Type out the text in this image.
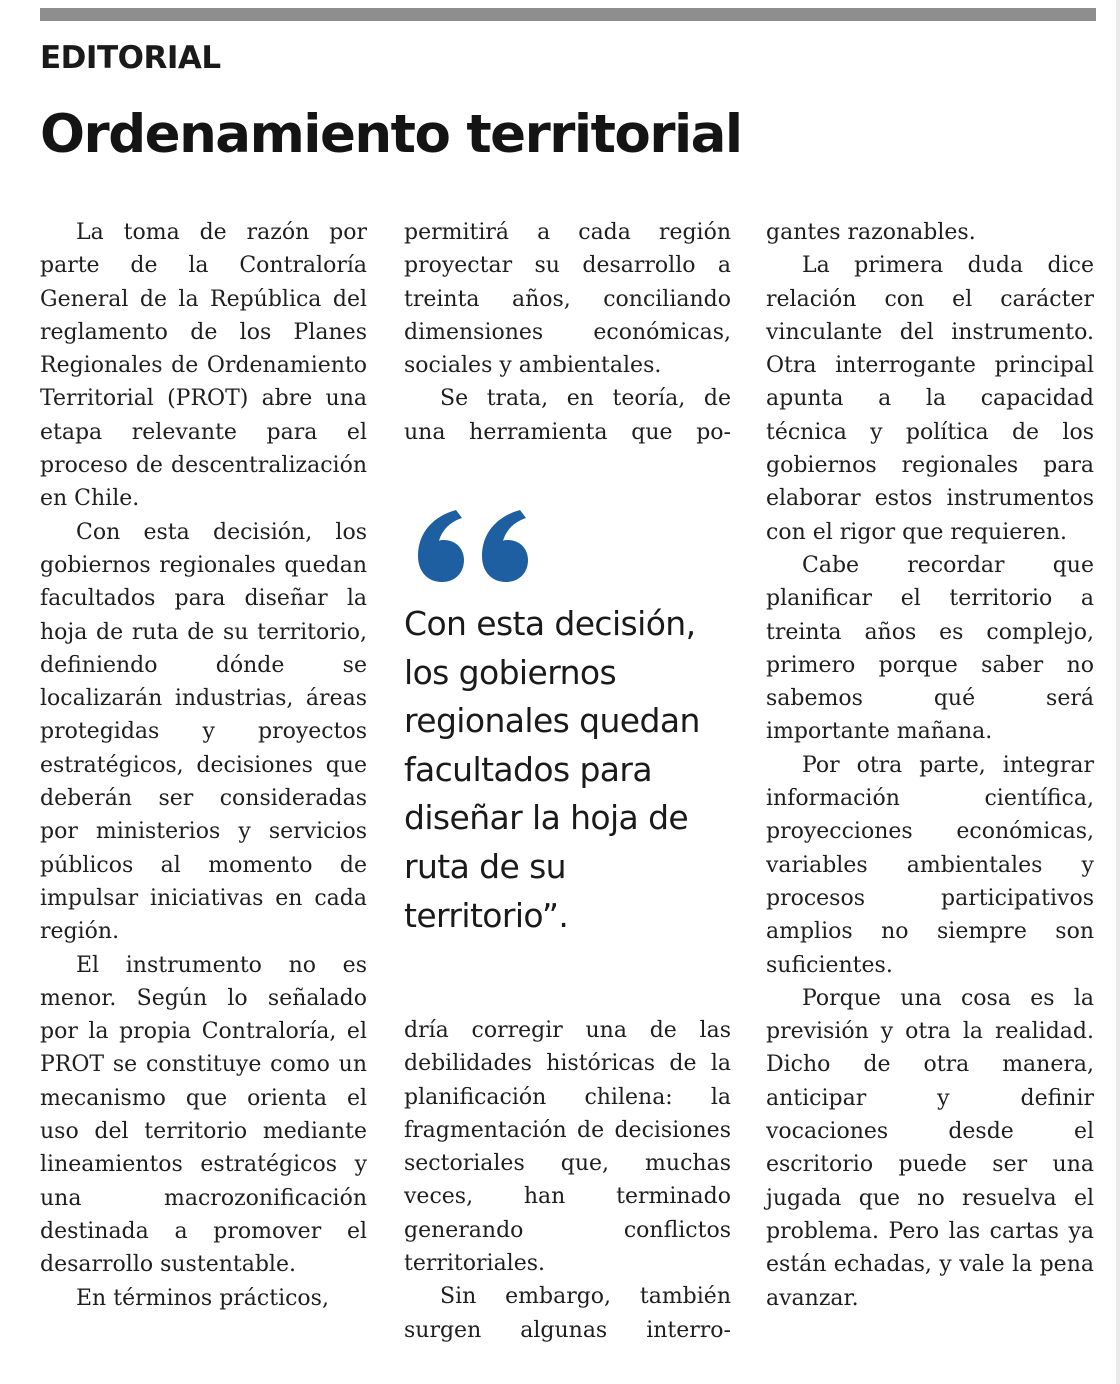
EDITORIAL
Ordenamiento territorial

La toma de razón por parte de la Contraloría General de la República del reglamento de los Planes Regionales de Ordenamiento Territorial (PROT) abre una etapa relevante para el proceso de descentralización en Chile.

Con esta decisión, los gobiernos regionales quedan facultados para diseñar la hoja de ruta de su territorio, definiendo dónde se localizarán industrias, áreas protegidas y proyectos estratégicos, decisiones que deberán ser consideradas por ministerios y servicios públicos al momento de impulsar iniciativas en cada región.

El instrumento no es menor. Según lo señalado por la propia Contraloría, el PROT se constituye como un mecanismo que orienta el uso del territorio mediante lineamientos estratégicos y una macrozonificación destinada a promover el desarrollo sustentable.

En términos prácticos,

permitirá a cada región proyectar su desarrollo a treinta años, conciliando dimensiones económicas, sociales y ambientales.

Se trata, en teoría, de una herramienta que po-

Con esta decisión, los gobiernos regionales quedan facultados para diseñar la hoja de ruta de su territorio”.

dría corregir una de las debilidades históricas de la planificación chilena: la fragmentación de decisiones sectoriales que, muchas veces, han terminado generando conflictos territoriales.

Sin embargo, también surgen algunas interro-

gantes razonables.

La primera duda dice relación con el carácter vinculante del instrumento. Otra interrogante principal apunta a la capacidad técnica y política de los gobiernos regionales para elaborar estos instrumentos con el rigor que requieren.

Cabe recordar que planificar el territorio a treinta años es complejo, primero porque saber no sabemos qué será importante mañana.

Por otra parte, integrar información científica, proyecciones económicas, variables ambientales y procesos participativos amplios no siempre son suficientes.

Porque una cosa es la previsión y otra la realidad. Dicho de otra manera, anticipar y definir vocaciones desde el escritorio puede ser una jugada que no resuelva el problema. Pero las cartas ya están echadas, y vale la pena avanzar.
